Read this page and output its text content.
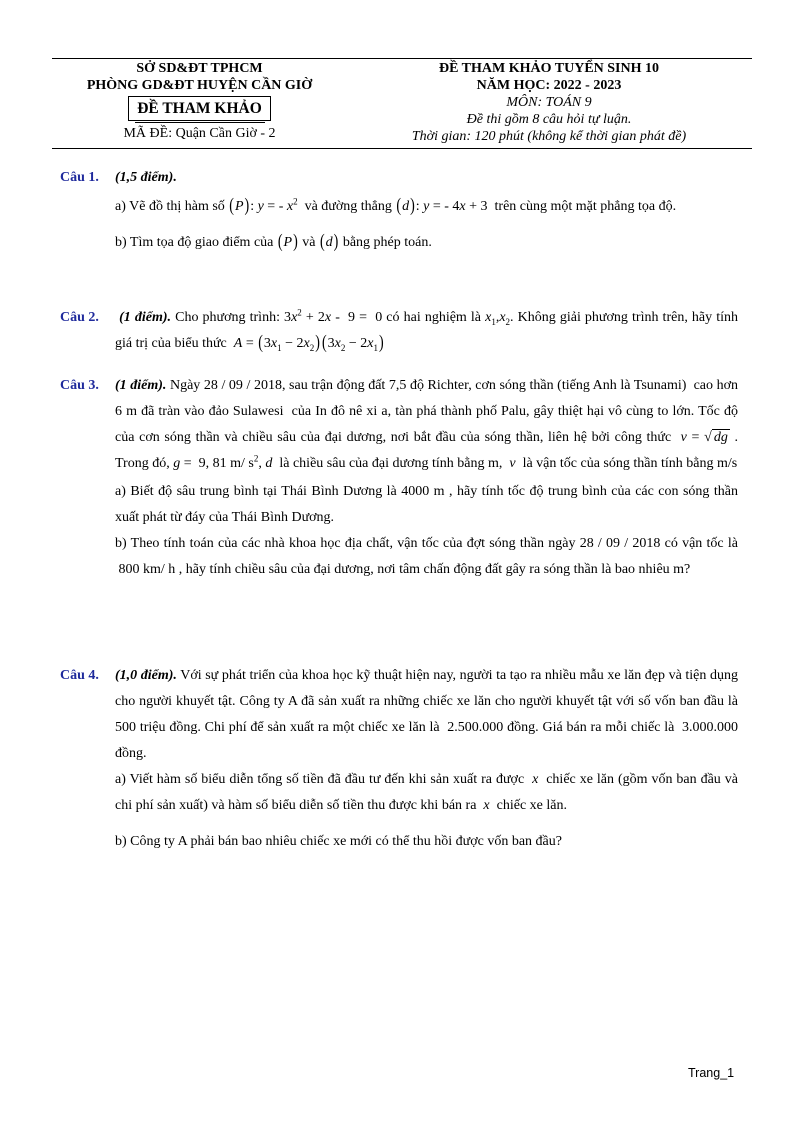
SỞ SD&ĐT TPHCM
PHÒNG GD&ĐT HUYỆN CẦN GIỜ
ĐỀ THAM KHẢO
MÃ ĐỀ: Quận Cần Giờ - 2
ĐỀ THAM KHẢO TUYỂN SINH 10
NĂM HỌC: 2022 - 2023
MÔN: TOÁN 9
Đề thi gồm 8 câu hỏi tự luận.
Thời gian: 120 phút (không kể thời gian phát đề)
Câu 1. (1,5 điểm).
a) Vẽ đồ thị hàm số (P): y = - $x^2$  và đường thẳng (d): y = - 4x + 3  trên cùng một mặt phẳng tọa độ.
b) Tìm tọa độ giao điểm của (P) và (d) bằng phép toán.
Câu 2. (1 điểm). Cho phương trình: $3x^2 + 2x - 9 = 0$ có hai nghiệm là $x_1,x_2$. Không giải phương trình trên, hãy tính giá trị của biểu thức  $A = (3x_1 - 2x_2) (3x_2 - 2x_1)$
Câu 3. (1 điểm). Ngày 28 / 09 / 2018, sau trận động đất 7,5 độ Richter, cơn sóng thần (tiếng Anh là Tsunami)  cao hơn 6 m đã tràn vào đảo Sulawesi  của In đô nê xi a, tàn phá thành phố Palu, gây thiệt hại vô cùng to lớn. Tốc độ của cơn sóng thần và chiều sâu của đại dương, nơi bắt đầu của sóng thần, liên hệ bởi công thức  v = √ dg . Trong đó, g =  9, 81 m/ $s^2$, d  là chiều sâu của đại dương tính bằng m,  v  là vận tốc của sóng thần tính bằng m/s
a) Biết độ sâu trung bình tại Thái Bình Dương là 4000 m , hãy tính tốc độ trung bình của các con sóng thần xuất phát từ đáy của Thái Bình Dương.
b) Theo tính toán của các nhà khoa học địa chất, vận tốc của đợt sóng thần ngày 28 / 09 / 2018 có vận tốc là  800 km/ h , hãy tính chiều sâu của đại dương, nơi tâm chấn động đất gây ra sóng thần là bao nhiêu m?
Câu 4. (1,0 điểm). Với sự phát triển của khoa học kỹ thuật hiện nay, người ta tạo ra nhiều mẫu xe lăn đẹp và tiện dụng cho người khuyết tật. Công ty A đã sản xuất ra những chiếc xe lăn cho người khuyết tật với số vốn ban đầu là 500 triệu đồng. Chi phí để sản xuất ra một chiếc xe lăn là  2.500.000 đồng. Giá bán ra mỗi chiếc là  3.000.000 đồng.
a) Viết hàm số biểu diễn tổng số tiền đã đầu tư đến khi sản xuất ra được  x  chiếc xe lăn (gồm vốn ban đầu và chi phí sản xuất) và hàm số biểu diễn số tiền thu được khi bán ra  x  chiếc xe lăn.
b) Công ty A phải bán bao nhiêu chiếc xe mới có thể thu hồi được vốn ban đầu?
Trang_1
